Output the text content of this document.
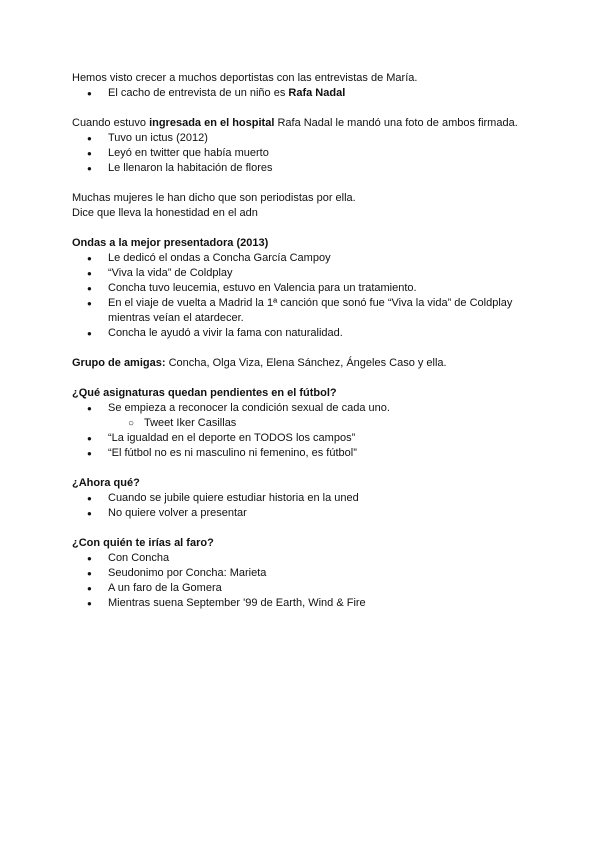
Hemos visto crecer a muchos deportistas con las entrevistas de María.

● El cacho de entrevista de un niño es Rafa Nadal

Cuando estuvo ingresada en el hospital Rafa Nadal le mandó una foto de ambos firmada.

● Tuvo un ictus (2012)
● Leyó en twitter que había muerto
● Le llenaron la habitación de flores

Muchas mujeres le han dicho que son periodistas por ella.

Dice que lleva la honestidad en el adn

Ondas a la mejor presentadora (2013)

● Le dedicó el ondas a Concha García Campoy
● “Viva la vida” de Coldplay
● Concha tuvo leucemia, estuvo en Valencia para un tratamiento.
● En el viaje de vuelta a Madrid la 1ª canción que sonó fue “Viva la vida” de Coldplay mientras veían el atardecer.
● Concha le ayudó a vivir la fama con naturalidad.

Grupo de amigas: Concha, Olga Viza, Elena Sánchez, Ángeles Caso y ella.

¿Qué asignaturas quedan pendientes en el fútbol?

● Se empieza a reconocer la condición sexual de cada uno.
○ Tweet Iker Casillas
● “La igualdad en el deporte en TODOS los campos”
● “El fútbol no es ni masculino ni femenino, es fútbol”

¿Ahora qué?

● Cuando se jubile quiere estudiar historia en la uned
● No quiere volver a presentar

¿Con quién te irías al faro?

● Con Concha
● Seudonimo por Concha: Marieta
● A un faro de la Gomera
● Mientras suena September '99 de Earth, Wind & Fire
